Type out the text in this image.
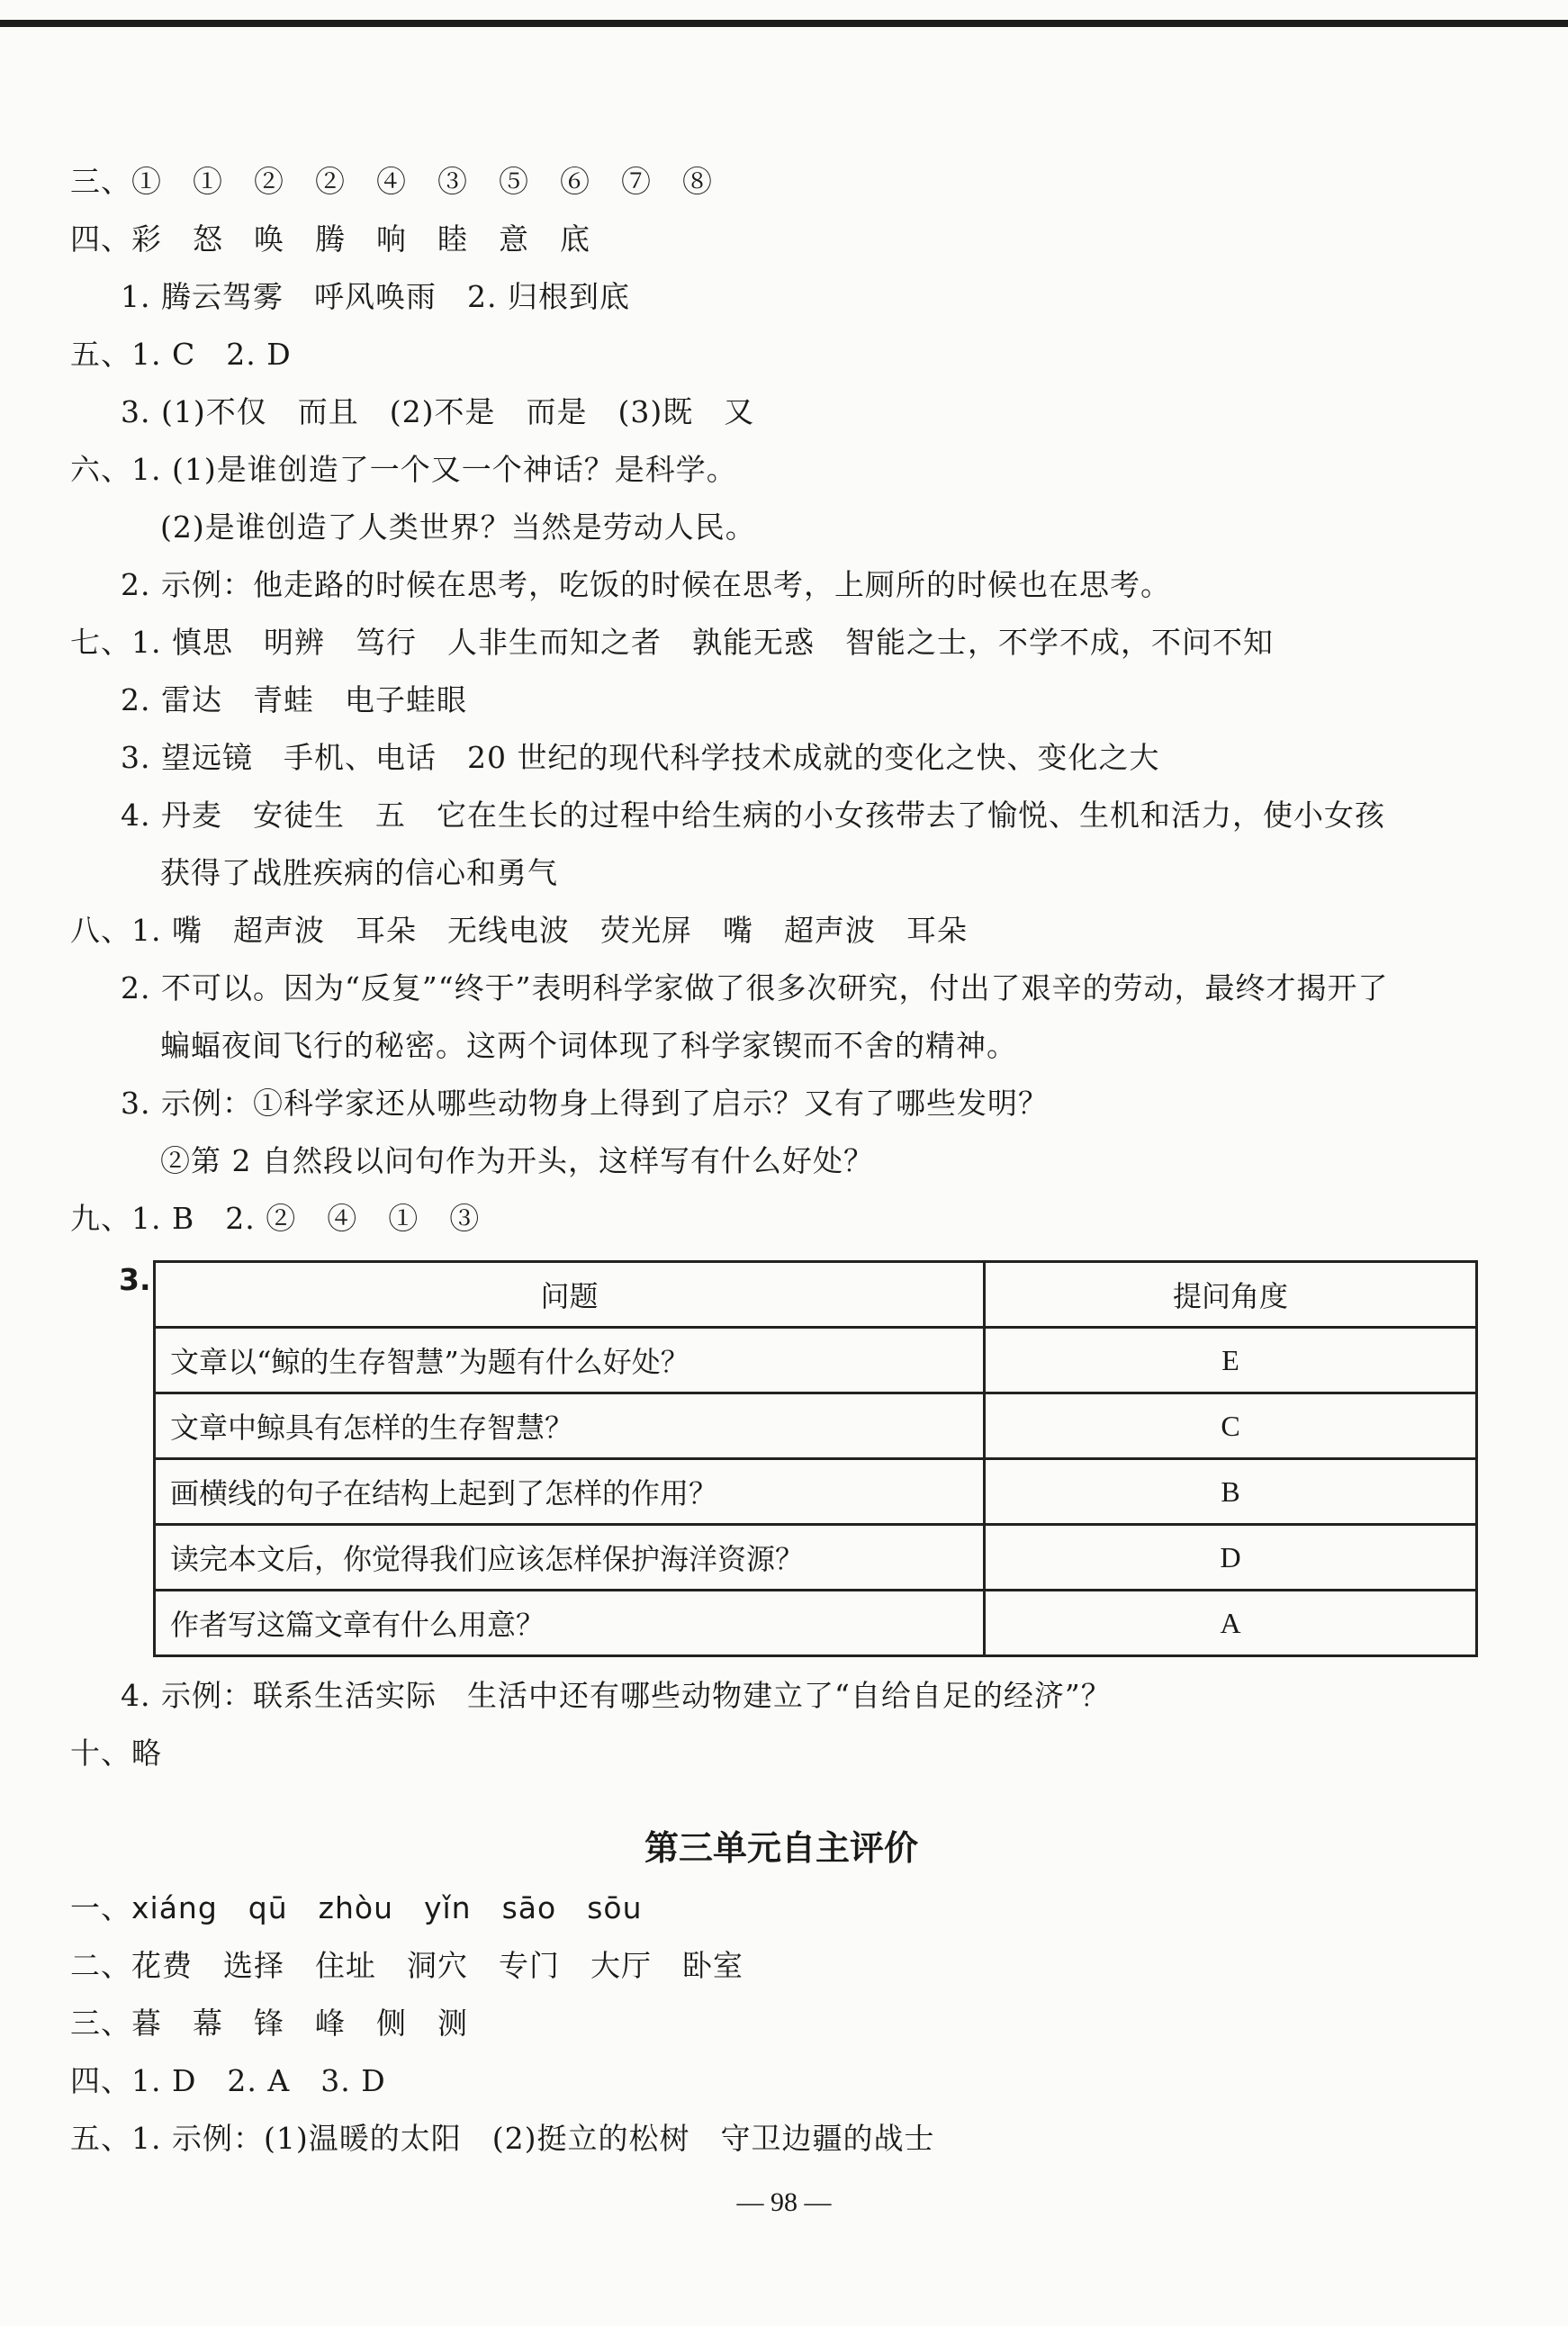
三、①　①　②　②　④　③　⑤　⑥　⑦　⑧
四、彩　怒　唤　腾　响　睦　意　底
1. 腾云驾雾　呼风唤雨　2. 归根到底
五、1. C　2. D
3. (1)不仅　而且　(2)不是　而是　(3)既　又
六、1. (1)是谁创造了一个又一个神话？是科学。
(2)是谁创造了人类世界？当然是劳动人民。
2. 示例：他走路的时候在思考，吃饭的时候在思考，上厕所的时候也在思考。
七、1. 慎思　明辨　笃行　人非生而知之者　孰能无惑　智能之士，不学不成，不问不知
2. 雷达　青蛙　电子蛙眼
3. 望远镜　手机、电话　20 世纪的现代科学技术成就的变化之快、变化之大
4. 丹麦　安徒生　五　它在生长的过程中给生病的小女孩带去了愉悦、生机和活力，使小女孩
获得了战胜疾病的信心和勇气
八、1. 嘴　超声波　耳朵　无线电波　荧光屏　嘴　超声波　耳朵
2. 不可以。因为“反复”“终于”表明科学家做了很多次研究，付出了艰辛的劳动，最终才揭开了
蝙蝠夜间飞行的秘密。这两个词体现了科学家锲而不舍的精神。
3. 示例：①科学家还从哪些动物身上得到了启示？又有了哪些发明？
②第 2 自然段以问句作为开头，这样写有什么好处？
九、1. B　2. ②　④　①　③
3.	问题	提问角度
文章以“鲸的生存智慧”为题有什么好处？	E
文章中鲸具有怎样的生存智慧？	C
画横线的句子在结构上起到了怎样的作用？	B
读完本文后，你觉得我们应该怎样保护海洋资源？	D
作者写这篇文章有什么用意？	A
4. 示例：联系生活实际　生活中还有哪些动物建立了“自给自足的经济”？
十、略
第三单元自主评价
一、xiáng　qū　zhòu　yǐn　sāo　sōu
二、花费　选择　住址　洞穴　专门　大厅　卧室
三、暮　幕　锋　峰　侧　测
四、1. D　2. A　3. D
五、1. 示例：(1)温暖的太阳　(2)挺立的松树　守卫边疆的战士
— 98 —
